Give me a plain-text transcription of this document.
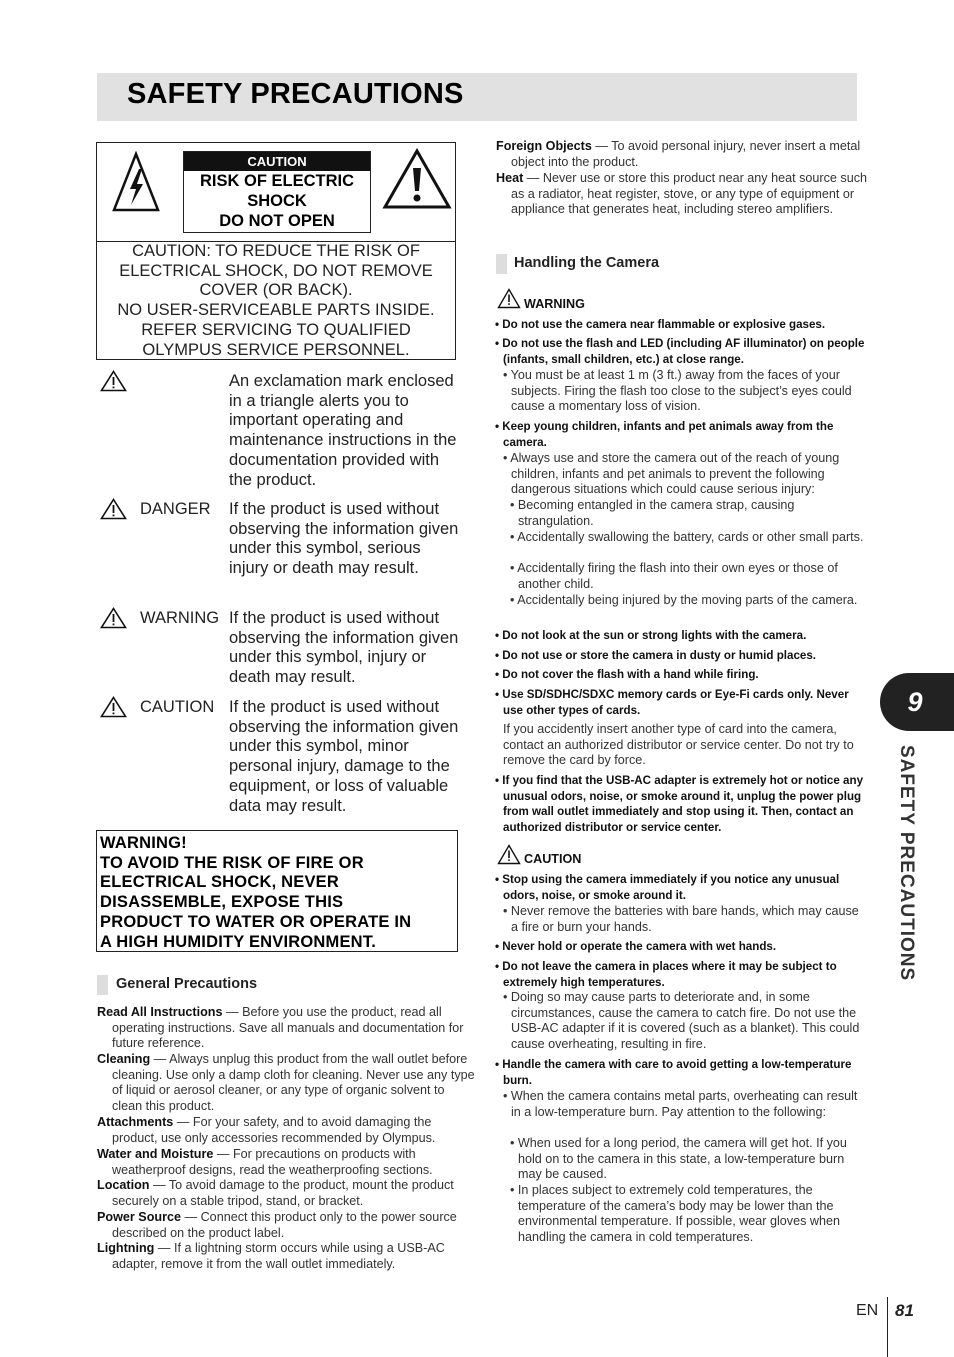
SAFETY PRECAUTIONS
CAUTION
RISK OF ELECTRIC
SHOCK
DO NOT OPEN
CAUTION: TO REDUCE THE RISK OF
ELECTRICAL SHOCK, DO NOT REMOVE
COVER (OR BACK).
NO USER-SERVICEABLE PARTS INSIDE.
REFER SERVICING TO QUALIFIED
OLYMPUS SERVICE PERSONNEL.
An exclamation mark enclosed in a triangle alerts you to important operating and maintenance instructions in the documentation provided with the product.
DANGER If the product is used without observing the information given under this symbol, serious injury or death may result.
WARNING If the product is used without observing the information given under this symbol, injury or death may result.
CAUTION If the product is used without observing the information given under this symbol, minor personal injury, damage to the equipment, or loss of valuable data may result.
WARNING!
TO AVOID THE RISK OF FIRE OR
ELECTRICAL SHOCK, NEVER
DISASSEMBLE, EXPOSE THIS
PRODUCT TO WATER OR OPERATE IN
A HIGH HUMIDITY ENVIRONMENT.
General Precautions
Read All Instructions — Before you use the product, read all operating instructions. Save all manuals and documentation for future reference.
Cleaning — Always unplug this product from the wall outlet before cleaning. Use only a damp cloth for cleaning. Never use any type of liquid or aerosol cleaner, or any type of organic solvent to clean this product.
Attachments — For your safety, and to avoid damaging the product, use only accessories recommended by Olympus.
Water and Moisture — For precautions on products with weatherproof designs, read the weatherproofing sections.
Location — To avoid damage to the product, mount the product securely on a stable tripod, stand, or bracket.
Power Source — Connect this product only to the power source described on the product label.
Lightning — If a lightning storm occurs while using a USB-AC adapter, remove it from the wall outlet immediately.
Foreign Objects — To avoid personal injury, never insert a metal object into the product.
Heat — Never use or store this product near any heat source such as a radiator, heat register, stove, or any type of equipment or appliance that generates heat, including stereo amplifiers.
Handling the Camera
WARNING
• Do not use the camera near flammable or explosive gases.
• Do not use the flash and LED (including AF illuminator) on people (infants, small children, etc.) at close range.
• You must be at least 1 m (3 ft.) away from the faces of your subjects. Firing the flash too close to the subject’s eyes could cause a momentary loss of vision.
• Keep young children, infants and pet animals away from the camera.
• Always use and store the camera out of the reach of young children, infants and pet animals to prevent the following dangerous situations which could cause serious injury:
• Becoming entangled in the camera strap, causing strangulation.
• Accidentally swallowing the battery, cards or other small parts.
• Accidentally firing the flash into their own eyes or those of another child.
• Accidentally being injured by the moving parts of the camera.
• Do not look at the sun or strong lights with the camera.
• Do not use or store the camera in dusty or humid places.
• Do not cover the flash with a hand while firing.
• Use SD/SDHC/SDXC memory cards or Eye-Fi cards only. Never use other types of cards.
If you accidently insert another type of card into the camera, contact an authorized distributor or service center. Do not try to remove the card by force.
• If you find that the USB-AC adapter is extremely hot or notice any unusual odors, noise, or smoke around it, unplug the power plug from wall outlet immediately and stop using it. Then, contact an authorized distributor or service center.
CAUTION
• Stop using the camera immediately if you notice any unusual odors, noise, or smoke around it.
• Never remove the batteries with bare hands, which may cause a fire or burn your hands.
• Never hold or operate the camera with wet hands.
• Do not leave the camera in places where it may be subject to extremely high temperatures.
• Doing so may cause parts to deteriorate and, in some circumstances, cause the camera to catch fire. Do not use the USB-AC adapter if it is covered (such as a blanket). This could cause overheating, resulting in fire.
• Handle the camera with care to avoid getting a low-temperature burn.
• When the camera contains metal parts, overheating can result in a low-temperature burn. Pay attention to the following:
• When used for a long period, the camera will get hot. If you hold on to the camera in this state, a low-temperature burn may be caused.
• In places subject to extremely cold temperatures, the temperature of the camera’s body may be lower than the environmental temperature. If possible, wear gloves when handling the camera in cold temperatures.
9
SAFETY PRECAUTIONS
EN 81
